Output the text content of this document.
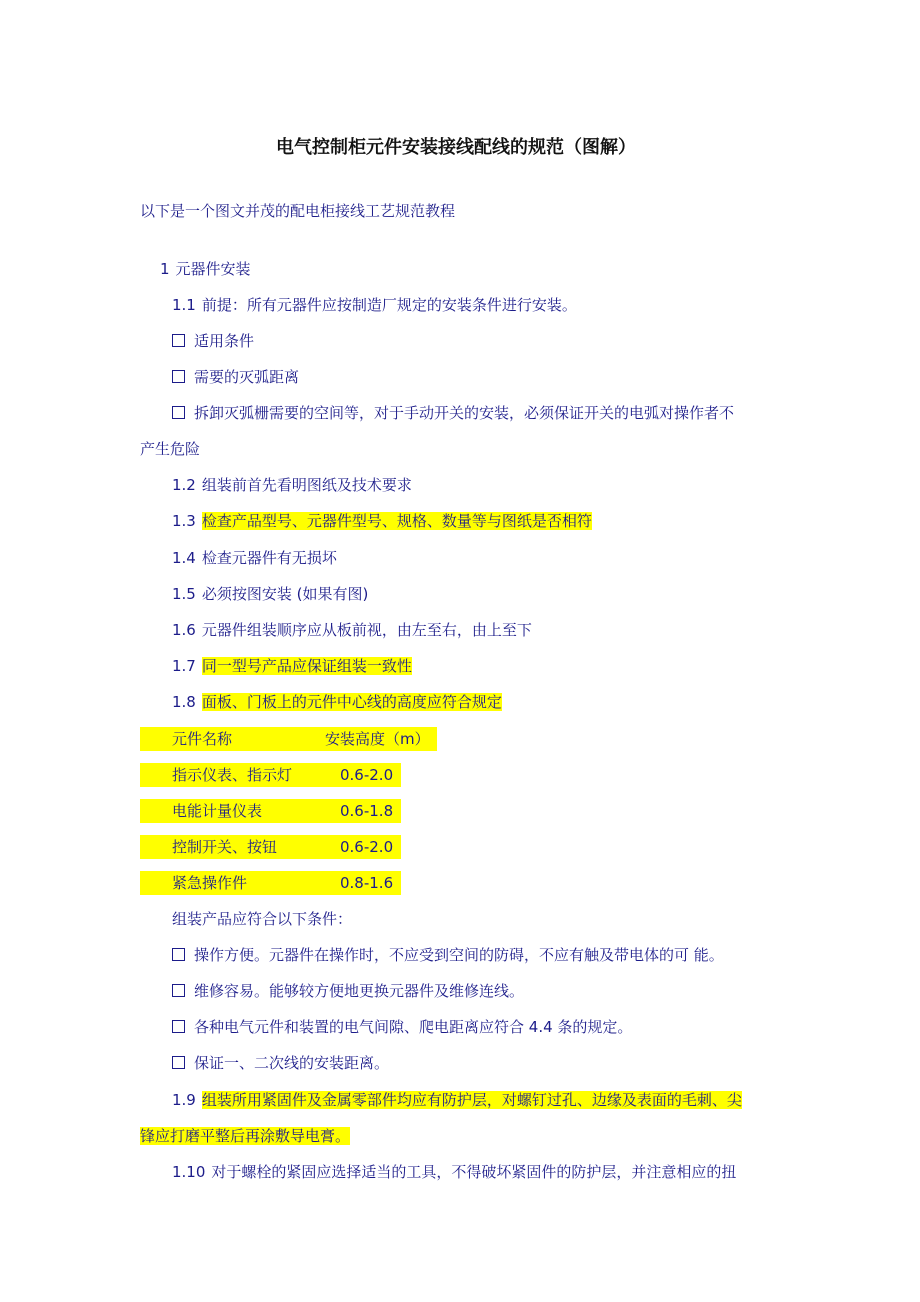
电气控制柜元件安装接线配线的规范（图解）
以下是一个图文并茂的配电柜接线工艺规范教程
1 元器件安装
1.1 前提：所有元器件应按制造厂规定的安装条件进行安装。
适用条件
需要的灭弧距离
拆卸灭弧栅需要的空间等，对于手动开关的安装，必须保证开关的电弧对操作者不
产生危险
1.2 组装前首先看明图纸及技术要求
1.3 检查产品型号、元器件型号、规格、数量等与图纸是否相符
1.4 检查元器件有无损坏
1.5 必须按图安装 (如果有图)
1.6 元器件组装顺序应从板前视，由左至右，由上至下
1.7 同一型号产品应保证组装一致性
1.8 面板、门板上的元件中心线的高度应符合规定
元件名称	安装高度（m）
指示仪表、指示灯	0.6-2.0
电能计量仪表	0.6-1.8
控制开关、按钮	0.6-2.0
紧急操作件	0.8-1.6
组装产品应符合以下条件：
操作方便。元器件在操作时，不应受到空间的防碍，不应有触及带电体的可 能。
维修容易。能够较方便地更换元器件及维修连线。
各种电气元件和装置的电气间隙、爬电距离应符合 4.4 条的规定。
保证一、二次线的安装距离。
1.9 组装所用紧固件及金属零部件均应有防护层，对螺钉过孔、边缘及表面的毛刺、尖
锋应打磨平整后再涂敷导电膏。
1.10 对于螺栓的紧固应选择适当的工具，不得破坏紧固件的防护层，并注意相应的扭
